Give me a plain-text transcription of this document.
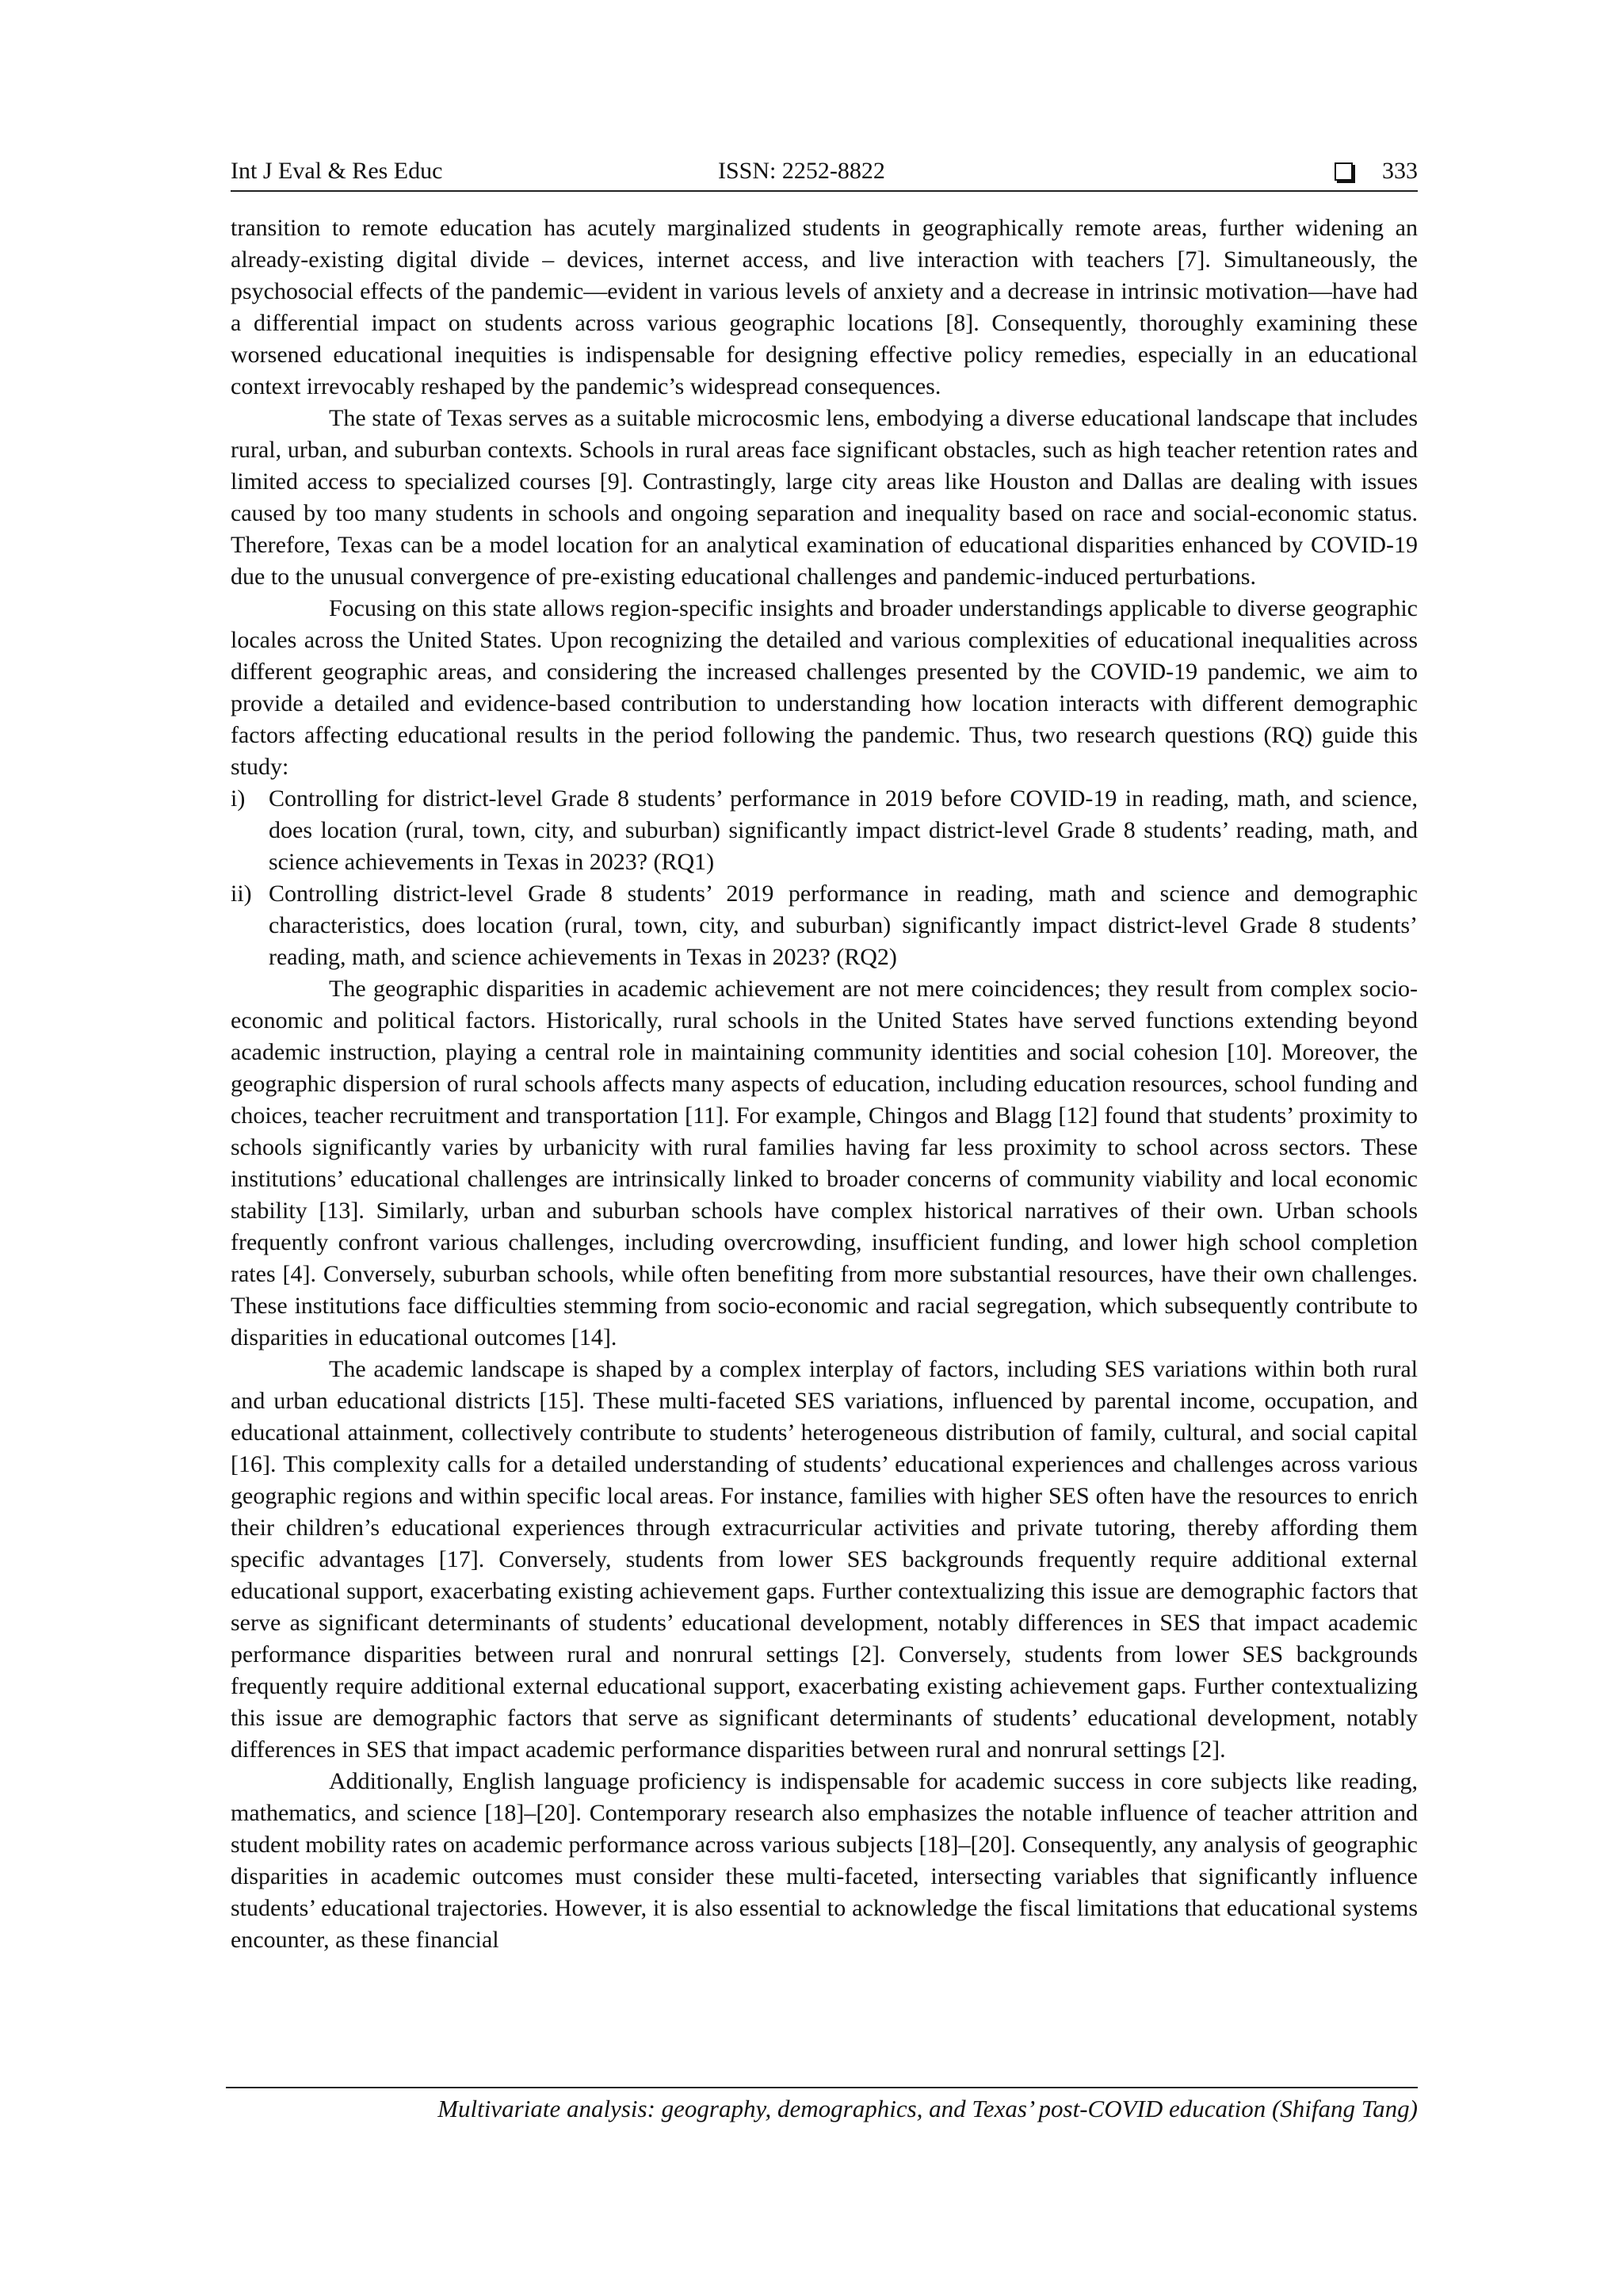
Int J Eval & Res Educ	ISSN: 2252-8822	333

transition to remote education has acutely marginalized students in geographically remote areas, further widening an already-existing digital divide – devices, internet access, and live interaction with teachers [7]. Simultaneously, the psychosocial effects of the pandemic—evident in various levels of anxiety and a decrease in intrinsic motivation—have had a differential impact on students across various geographic locations [8]. Consequently, thoroughly examining these worsened educational inequities is indispensable for designing effective policy remedies, especially in an educational context irrevocably reshaped by the pandemic’s widespread consequences.

The state of Texas serves as a suitable microcosmic lens, embodying a diverse educational landscape that includes rural, urban, and suburban contexts. Schools in rural areas face significant obstacles, such as high teacher retention rates and limited access to specialized courses [9]. Contrastingly, large city areas like Houston and Dallas are dealing with issues caused by too many students in schools and ongoing separation and inequality based on race and social-economic status. Therefore, Texas can be a model location for an analytical examination of educational disparities enhanced by COVID-19 due to the unusual convergence of pre-existing educational challenges and pandemic-induced perturbations.

Focusing on this state allows region-specific insights and broader understandings applicable to diverse geographic locales across the United States. Upon recognizing the detailed and various complexities of educational inequalities across different geographic areas, and considering the increased challenges presented by the COVID-19 pandemic, we aim to provide a detailed and evidence-based contribution to understanding how location interacts with different demographic factors affecting educational results in the period following the pandemic. Thus, two research questions (RQ) guide this study:

i) Controlling for district-level Grade 8 students’ performance in 2019 before COVID-19 in reading, math, and science, does location (rural, town, city, and suburban) significantly impact district-level Grade 8 students’ reading, math, and science achievements in Texas in 2023? (RQ1)
ii) Controlling district-level Grade 8 students’ 2019 performance in reading, math and science and demographic characteristics, does location (rural, town, city, and suburban) significantly impact district-level Grade 8 students’ reading, math, and science achievements in Texas in 2023? (RQ2)

The geographic disparities in academic achievement are not mere coincidences; they result from complex socio-economic and political factors. Historically, rural schools in the United States have served functions extending beyond academic instruction, playing a central role in maintaining community identities and social cohesion [10]. Moreover, the geographic dispersion of rural schools affects many aspects of education, including education resources, school funding and choices, teacher recruitment and transportation [11]. For example, Chingos and Blagg [12] found that students’ proximity to schools significantly varies by urbanicity with rural families having far less proximity to school across sectors. These institutions’ educational challenges are intrinsically linked to broader concerns of community viability and local economic stability [13]. Similarly, urban and suburban schools have complex historical narratives of their own. Urban schools frequently confront various challenges, including overcrowding, insufficient funding, and lower high school completion rates [4]. Conversely, suburban schools, while often benefiting from more substantial resources, have their own challenges. These institutions face difficulties stemming from socio-economic and racial segregation, which subsequently contribute to disparities in educational outcomes [14].

The academic landscape is shaped by a complex interplay of factors, including SES variations within both rural and urban educational districts [15]. These multi-faceted SES variations, influenced by parental income, occupation, and educational attainment, collectively contribute to students’ heterogeneous distribution of family, cultural, and social capital [16]. This complexity calls for a detailed understanding of students’ educational experiences and challenges across various geographic regions and within specific local areas. For instance, families with higher SES often have the resources to enrich their children’s educational experiences through extracurricular activities and private tutoring, thereby affording them specific advantages [17]. Conversely, students from lower SES backgrounds frequently require additional external educational support, exacerbating existing achievement gaps. Further contextualizing this issue are demographic factors that serve as significant determinants of students’ educational development, notably differences in SES that impact academic performance disparities between rural and nonrural settings [2]. Conversely, students from lower SES backgrounds frequently require additional external educational support, exacerbating existing achievement gaps. Further contextualizing this issue are demographic factors that serve as significant determinants of students’ educational development, notably differences in SES that impact academic performance disparities between rural and nonrural settings [2].

Additionally, English language proficiency is indispensable for academic success in core subjects like reading, mathematics, and science [18]–[20]. Contemporary research also emphasizes the notable influence of teacher attrition and student mobility rates on academic performance across various subjects [18]–[20]. Consequently, any analysis of geographic disparities in academic outcomes must consider these multi-faceted, intersecting variables that significantly influence students’ educational trajectories. However, it is also essential to acknowledge the fiscal limitations that educational systems encounter, as these financial

Multivariate analysis: geography, demographics, and Texas’ post-COVID education (Shifang Tang)
